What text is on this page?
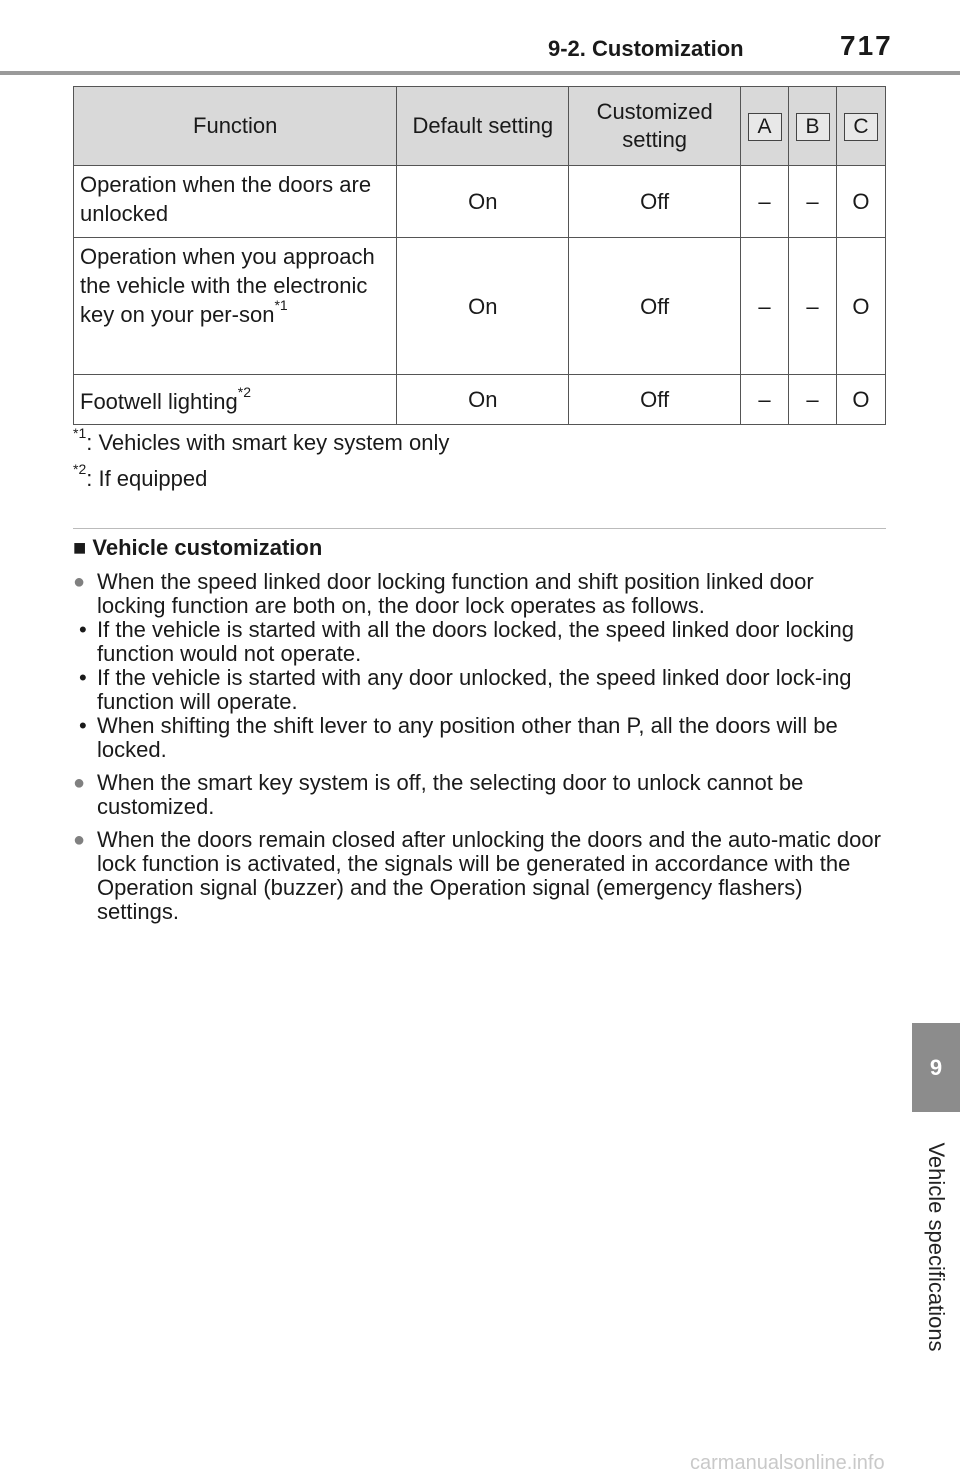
9-2. Customization	717
9
Vehicle specifications
Function	Default setting	Customized setting	A	B	C
Operation when the doors are unlocked	On	Off	–	–	O
Operation when you approach the vehicle with the electronic key on your per-son$^{*1}$	On	Off	–	–	O
Footwell lighting$^{*2}$	On	Off	–	–	O
$^{*1}$: Vehicles with smart key system only
$^{*2}$: If equipped
■ Vehicle customization
● When the speed linked door locking function and shift position linked door locking function are both on, the door lock operates as follows.
• If the vehicle is started with all the doors locked, the speed linked door locking function would not operate.
• If the vehicle is started with any door unlocked, the speed linked door lock-ing function will operate.
• When shifting the shift lever to any position other than P, all the doors will be locked.
● When the smart key system is off, the selecting door to unlock cannot be customized.
● When the doors remain closed after unlocking the doors and the auto-matic door lock function is activated, the signals will be generated in accordance with the Operation signal (buzzer) and the Operation signal (emergency flashers) settings.
carmanualsonline.info
